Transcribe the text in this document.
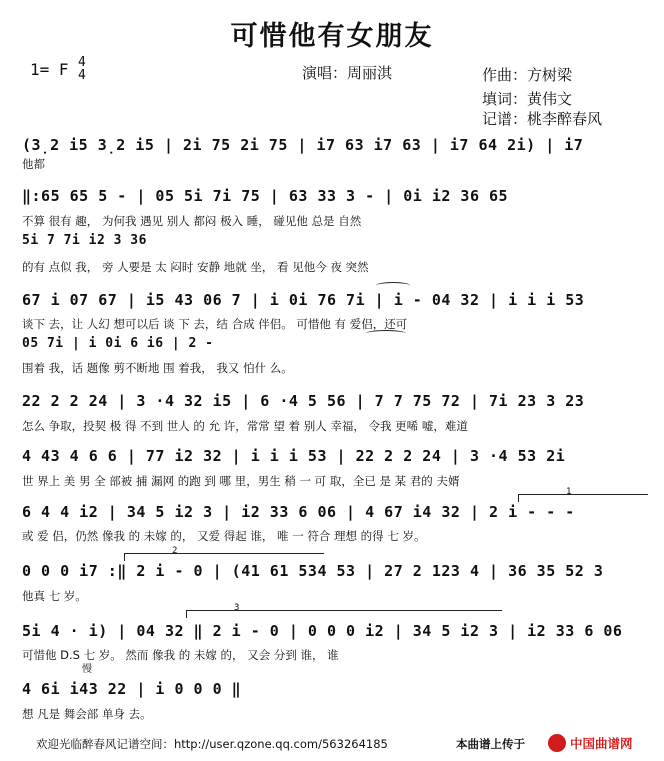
可惜他有女朋友
1= F 4
4	演唱：周丽淇	作曲：方树梁
填词：黄伟文
记谱：桃李醉春风
(3̣2 i5 3̣2 i5 | 2i 75 2i 75 | i7 63 i7 63 | i7 64 2i) | i7
他都
‖:65 65 5 - | 05 5i 7i 75 | 63 33 3 - | 0i i2 36 65
不算 很有 趣， 为何我 遇见 别人 都闷 极入 睡， 碰见他 总是 自然
5i 7 7i i2 3 36
的有 点似 我， 旁 人要是 太 闷时 安静 地就 坐， 看 见他今 夜 突然
67 i 07 67 | i5 43 06 7 | i 0i 76 7i | i - 04 32 | i i i 53
谈下 去，让 人幻 想可以后 谈 下 去，结 合成 伴侣。 可惜他 有 爱侣，还可
05 7i | i 0i 6 i6 | 2 -
围着 我，话 题像 剪不断地 围 着我， 我又 怕什 么。
22 2 2 24 | 3 ·4 32 i5 | 6 ·4 5 56 | 7 7 75 72 | 7i 23 3 23
怎么 争取，投契 极 得 不到 世人 的 允 许，常常 望 着 别人 幸福， 令我 更唏 嘘，难道
4 43 4 6 6 | 77 i2 32 | i i i 53 | 22 2 2 24 | 3 ·4 53 2i
世 界上 美 男 全 部被 捕 漏网 的跑 到 哪 里，男生 稍 一 可 取，全已 是 某 君的 夫婿
1
6 4 4 i2 | 34 5 i2 3 | i2 33 6 06 | 4 67 i4 32 | 2 i - - -
或 爱 侣，仍然 像我 的 未嫁 的， 又爱 得起 谁， 唯 一 符合 理想 的得 七 岁。
2
0 0 0 i7 :‖ 2 i - 0 | (41 61 534 53 | 27 2 123 4 | 36 35 52 3
他真 七 岁。
3
5i 4 · i) | 04 32 ‖ 2 i - 0 | 0 0 0 i2 | 34 5 i2 3 | i2 33 6 06
可惜他 D.S 七 岁。 然而 像我 的 未嫁 的， 又会 分到 谁， 谁
慢
4 6i i43 22 | i 0 0 0 ‖
想 凡是 舞会部 单身 去。
欢迎光临醉春风记谱空间：http://user.qzone.qq.com/563264185	本曲谱上传于	中国曲谱网
